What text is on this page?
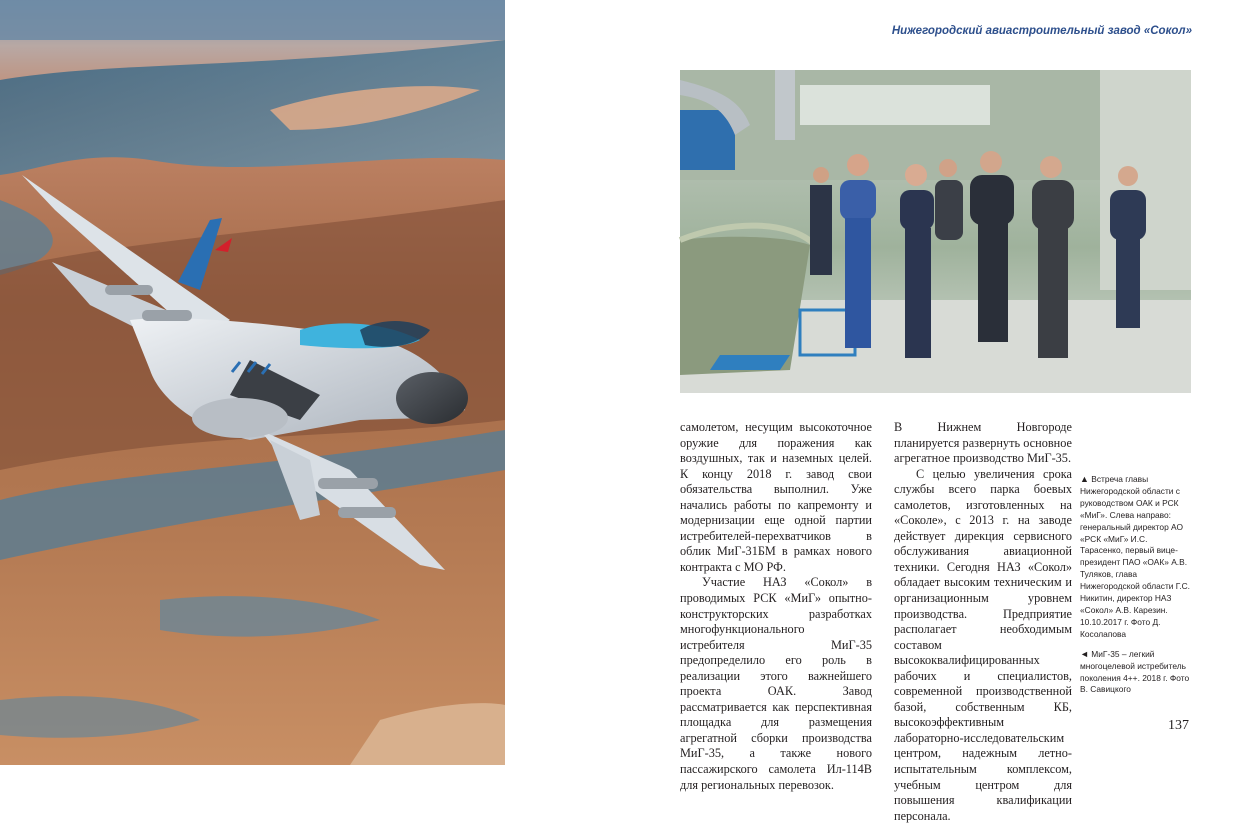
Нижегородский авиастроительный завод «Сокол»

самолетом, несущим высокоточное оружие для поражения как воздушных, так и наземных целей. К концу 2018 г. завод свои обязательства выполнил. Уже начались работы по капремонту и модернизации еще одной партии истребителей-перехватчиков в облик МиГ-31БМ в рамках нового контракта с МО РФ.

Участие НАЗ «Сокол» в проводимых РСК «МиГ» опытно-конструкторских разработках многофункционального истребителя МиГ-35 предопределило его роль в реализации этого важнейшего проекта ОАК. Завод рассматривается как перспективная площадка для размещения агрегатной сборки производства МиГ-35, а также нового пассажирского самолета Ил-114В для региональных перевозок.

В Нижнем Новгороде планируется развернуть основное агрегатное производство МиГ-35.

С целью увеличения срока службы всего парка боевых самолетов, изготовленных на «Соколе», с 2013 г. на заводе действует дирекция сервисного обслуживания авиационной техники. Сегодня НАЗ «Сокол» обладает высоким техническим и организационным уровнем производства. Предприятие располагает необходимым составом высококвалифицированных рабочих и специалистов, современной производственной базой, собственным КБ, высокоэффективным лабораторно-исследовательским центром, надежным летно-испытательным комплексом, учебным центром для повышения квалификации персонала.

▲ Встреча главы Нижегородской области с руководством ОАК и РСК «МиГ». Слева направо: генеральный директор АО «РСК «МиГ» И.С. Тарасенко, первый вице-президент ПАО «ОАК» А.В. Туляков, глава Нижегородской области Г.С. Никитин, директор НАЗ «Сокол» А.В. Карезин. 10.10.2017 г. Фото Д. Косолапова

◄ МиГ-35 – легкий многоцелевой истребитель поколения 4++. 2018 г. Фото В. Савицкого

137
